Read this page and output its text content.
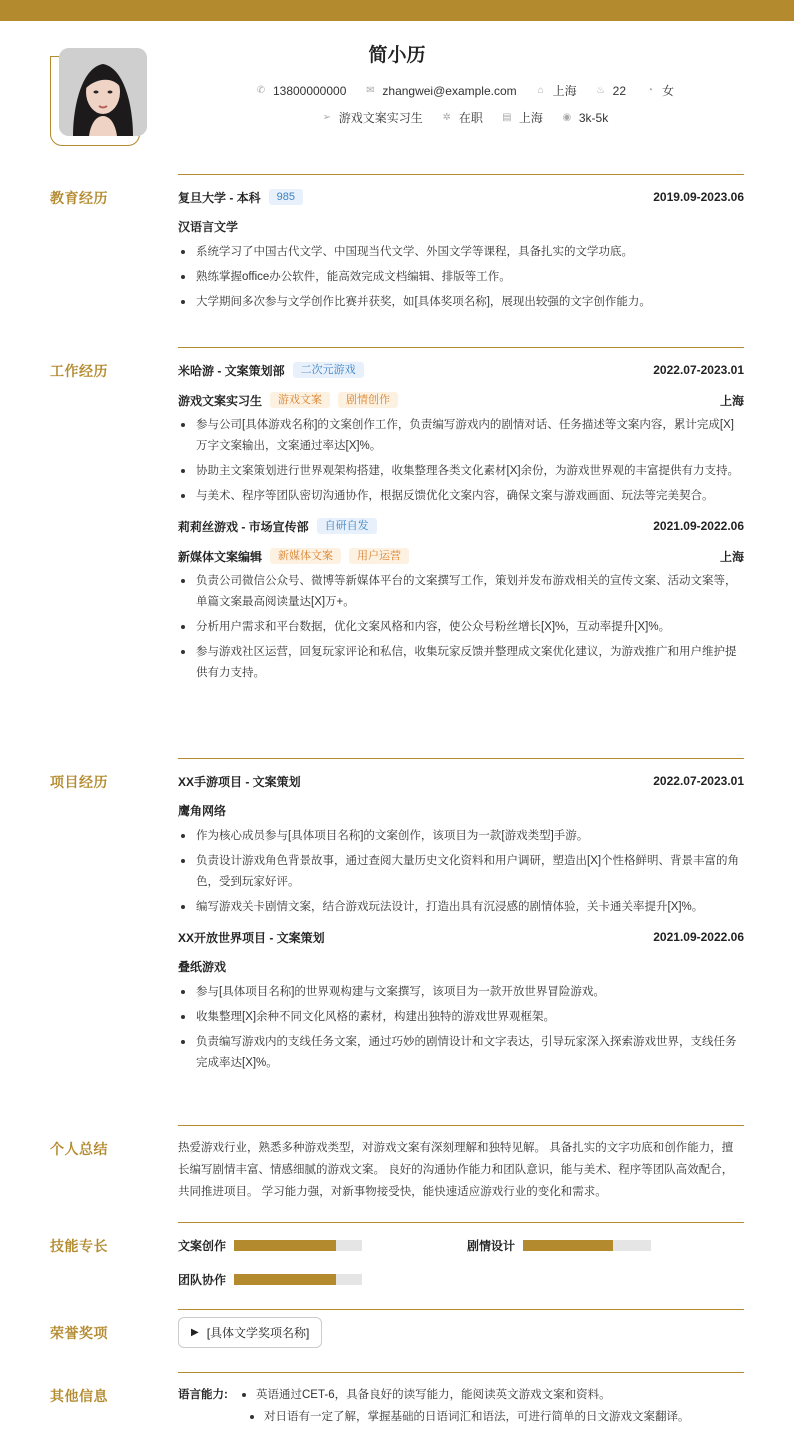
简小历
✆ 13800000000 ✉ zhangwei@example.com ⌂ 上海 ♨ 22 ◔ 女
➢ 游戏文案实习生 ✲ 在职 ▤ 上海 ◉ 3k-5k
教育经历	复旦大学 - 本科	985	2019.09-2023.06
汉语言文学
系统学习了中国古代文学、中国现当代文学、外国文学等课程，具备扎实的文学功底。
熟练掌握office办公软件，能高效完成文档编辑、排版等工作。
大学期间多次参与文学创作比赛并获奖，如[具体奖项名称]，展现出较强的文字创作能力。
工作经历	米哈游 - 文案策划部	二次元游戏	2022.07-2023.01
游戏文案实习生	游戏文案	剧情创作	上海
参与公司[具体游戏名称]的文案创作工作，负责编写游戏内的剧情对话、任务描述等文案内容，累计完成[X]万字文案输出，文案通过率达[X]%。
协助主文案策划进行世界观架构搭建，收集整理各类文化素材[X]余份，为游戏世界观的丰富提供有力支持。
与美术、程序等团队密切沟通协作，根据反馈优化文案内容，确保文案与游戏画面、玩法等完美契合。
莉莉丝游戏 - 市场宣传部	自研自发	2021.09-2022.06
新媒体文案编辑	新媒体文案	用户运营	上海
负责公司微信公众号、微博等新媒体平台的文案撰写工作，策划并发布游戏相关的宣传文案、活动文案等，单篇文案最高阅读量达[X]万+。
分析用户需求和平台数据，优化文案风格和内容，使公众号粉丝增长[X]%，互动率提升[X]%。
参与游戏社区运营，回复玩家评论和私信，收集玩家反馈并整理成文案优化建议，为游戏推广和用户维护提供有力支持。
项目经历	XX手游项目 - 文案策划	2022.07-2023.01
鹰角网络
作为核心成员参与[具体项目名称]的文案创作，该项目为一款[游戏类型]手游。
负责设计游戏角色背景故事，通过查阅大量历史文化资料和用户调研，塑造出[X]个性格鲜明、背景丰富的角色，受到玩家好评。
编写游戏关卡剧情文案，结合游戏玩法设计，打造出具有沉浸感的剧情体验，关卡通关率提升[X]%。
XX开放世界项目 - 文案策划	2021.09-2022.06
叠纸游戏
参与[具体项目名称]的世界观构建与文案撰写，该项目为一款开放世界冒险游戏。
收集整理[X]余种不同文化风格的素材，构建出独特的游戏世界观框架。
负责编写游戏内的支线任务文案，通过巧妙的剧情设计和文字表达，引导玩家深入探索游戏世界，支线任务完成率达[X]%。
个人总结	热爱游戏行业，熟悉多种游戏类型，对游戏文案有深刻理解和独特见解。 具备扎实的文字功底和创作能力，擅长编写剧情丰富、情感细腻的游戏文案。 良好的沟通协作能力和团队意识，能与美术、程序等团队高效配合，共同推进项目。 学习能力强，对新事物接受快，能快速适应游戏行业的变化和需求。
技能专长	文案创作	剧情设计
团队协作
荣誉奖项	▶ [具体文学奖项名称]
其他信息	语言能力:	英语通过CET-6，具备良好的读写能力，能阅读英文游戏文案和资料。
对日语有一定了解，掌握基础的日语词汇和语法，可进行简单的日文游戏文案翻译。
